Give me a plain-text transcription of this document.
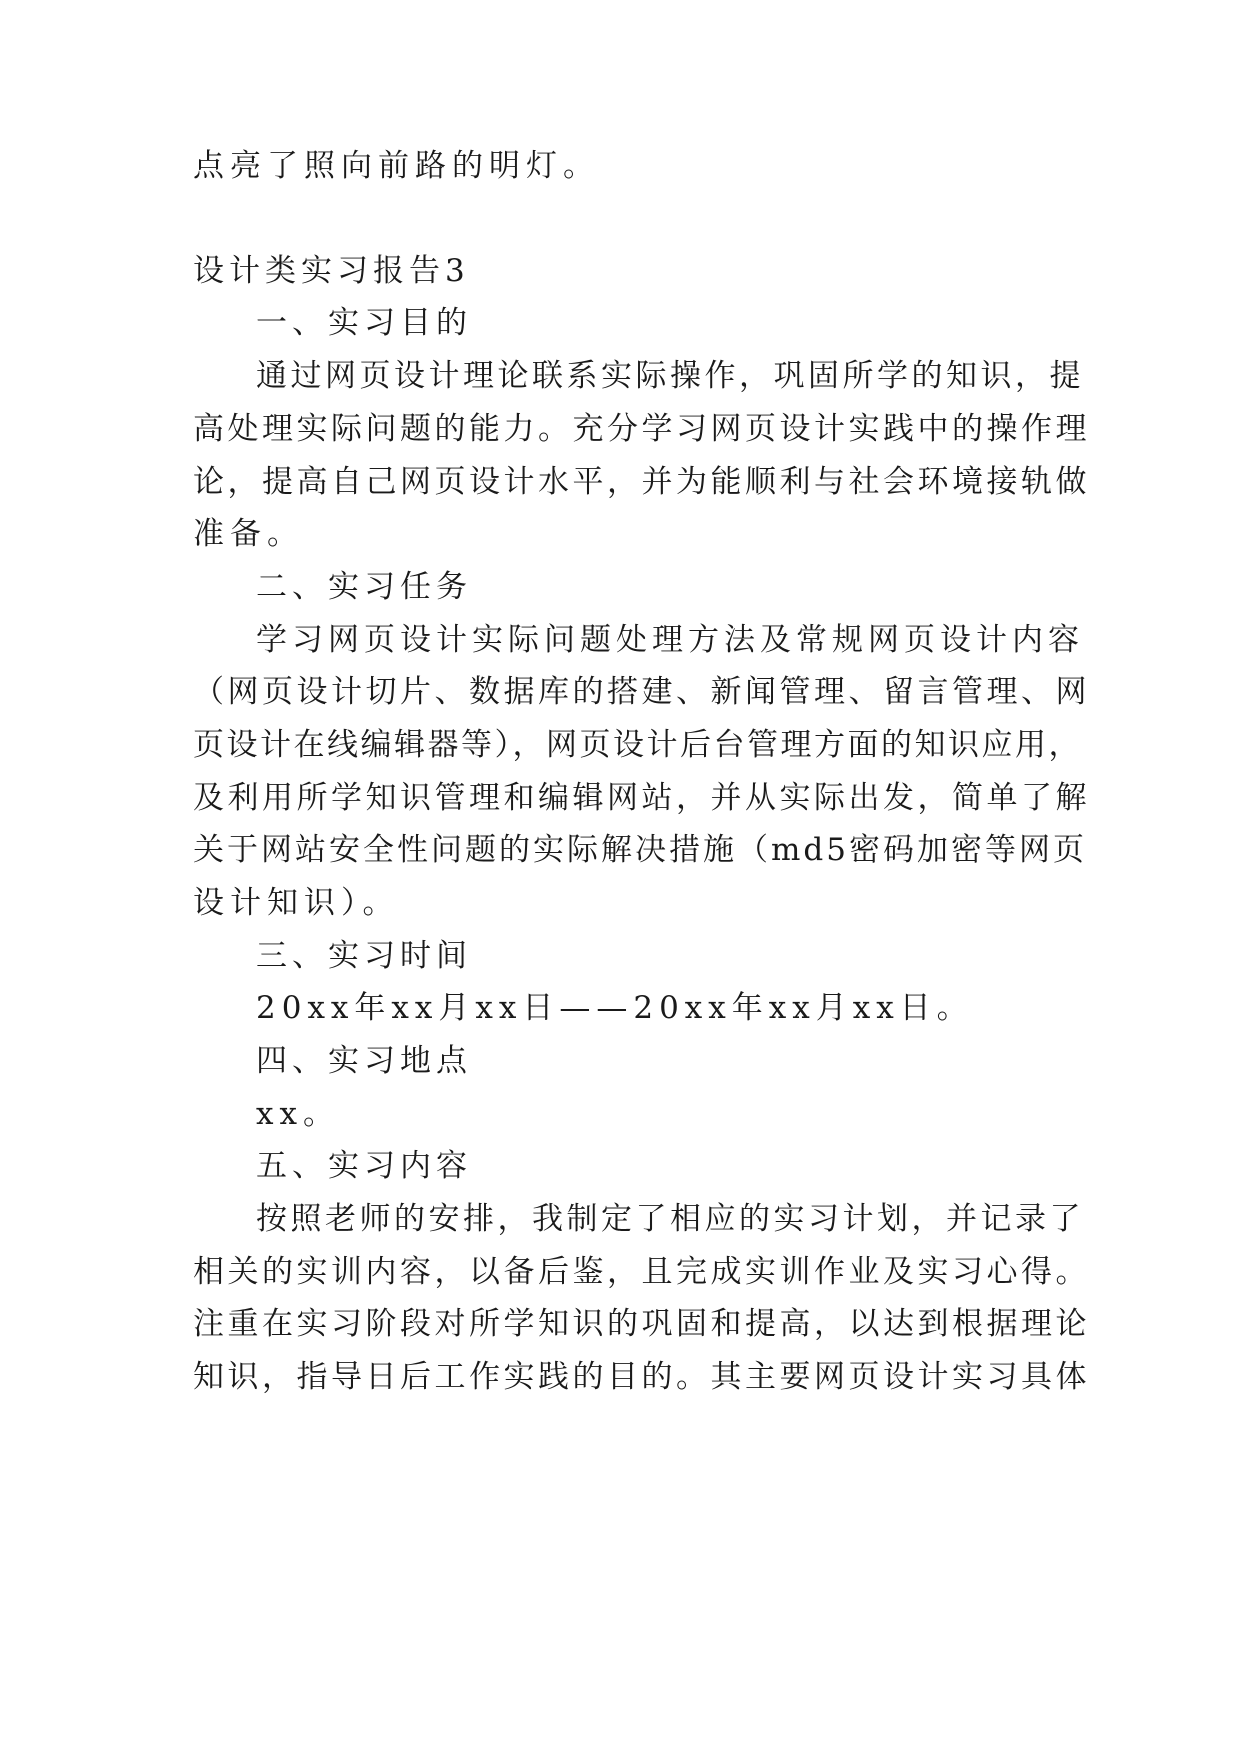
点亮了照向前路的明灯。
设计类实习报告3
一、实习目的
通过网页设计理论联系实际操作，巩固所学的知识，提
高处理实际问题的能力。充分学习网页设计实践中的操作理
论，提高自己网页设计水平，并为能顺利与社会环境接轨做
准备。
二、实习任务
学习网页设计实际问题处理方法及常规网页设计内容
（网页设计切片、数据库的搭建、新闻管理、留言管理、网
页设计在线编辑器等），网页设计后台管理方面的知识应用，
及利用所学知识管理和编辑网站，并从实际出发，简单了解
关于网站安全性问题的实际解决措施（md5密码加密等网页
设计知识）。
三、实习时间
20xx年xx月xx日——20xx年xx月xx日。
四、实习地点
xx。
五、实习内容
按照老师的安排，我制定了相应的实习计划，并记录了
相关的实训内容，以备后鉴，且完成实训作业及实习心得。
注重在实习阶段对所学知识的巩固和提高，以达到根据理论
知识，指导日后工作实践的目的。其主要网页设计实习具体
